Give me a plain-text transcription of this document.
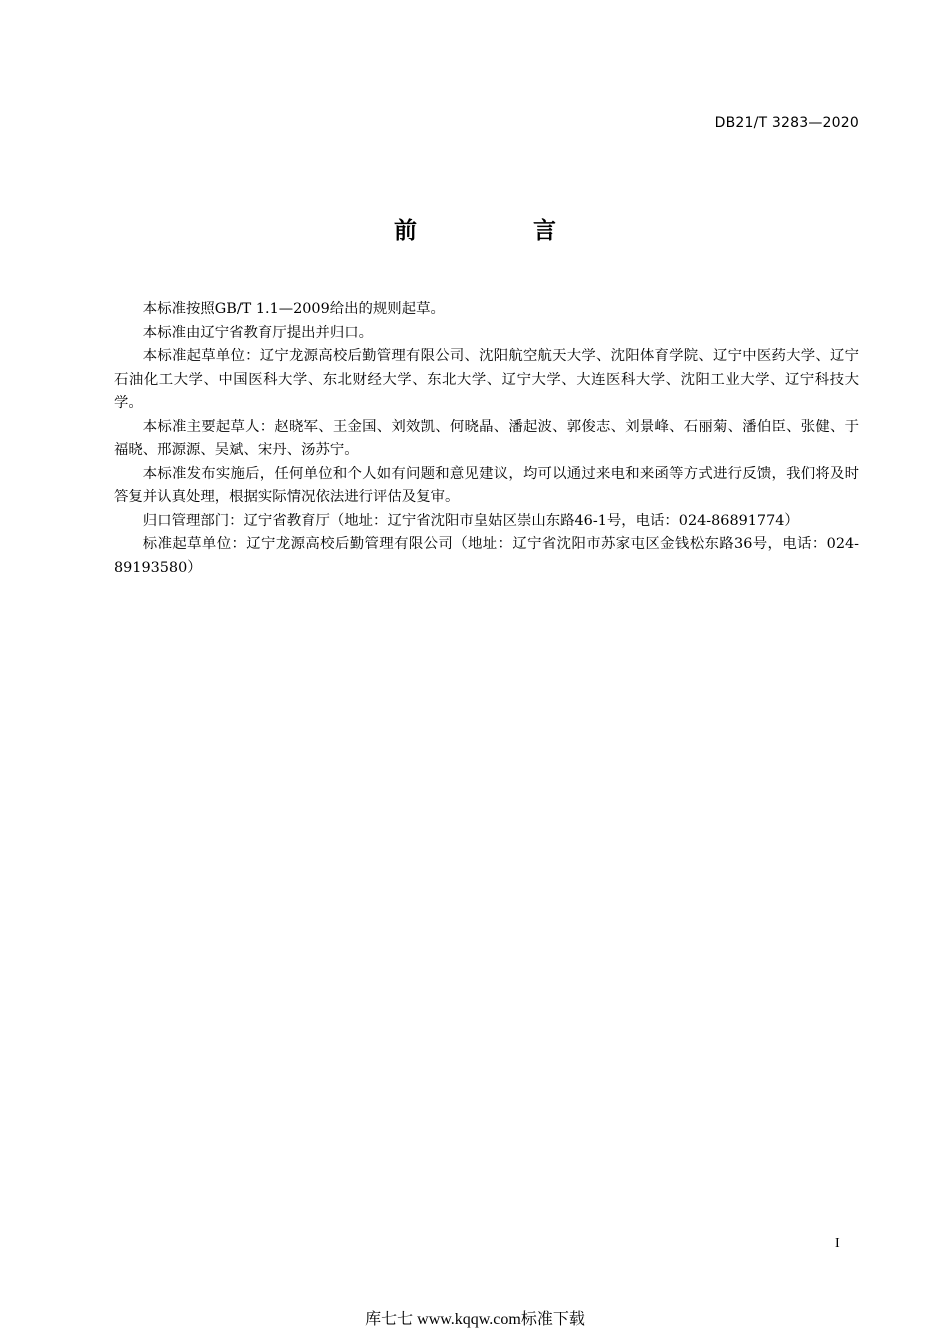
DB21/T 3283—2020
前 言

本标准按照GB/T 1.1—2009给出的规则起草。

本标准由辽宁省教育厅提出并归口。

本标准起草单位：辽宁龙源高校后勤管理有限公司、沈阳航空航天大学、沈阳体育学院、辽宁中医药大学、辽宁石油化工大学、中国医科大学、东北财经大学、东北大学、辽宁大学、大连医科大学、沈阳工业大学、辽宁科技大学。

本标准主要起草人：赵晓军、王金国、刘效凯、何晓晶、潘起波、郭俊志、刘景峰、石丽菊、潘伯臣、张健、于福晓、邢源源、吴斌、宋丹、汤苏宁。

本标准发布实施后，任何单位和个人如有问题和意见建议，均可以通过来电和来函等方式进行反馈，我们将及时答复并认真处理，根据实际情况依法进行评估及复审。

归口管理部门：辽宁省教育厅（地址：辽宁省沈阳市皇姑区崇山东路46-1号，电话：024-86891774）

标准起草单位：辽宁龙源高校后勤管理有限公司（地址：辽宁省沈阳市苏家屯区金钱松东路36号，电话：024-89193580）

I
库七七 www.kqqw.com标准下载
